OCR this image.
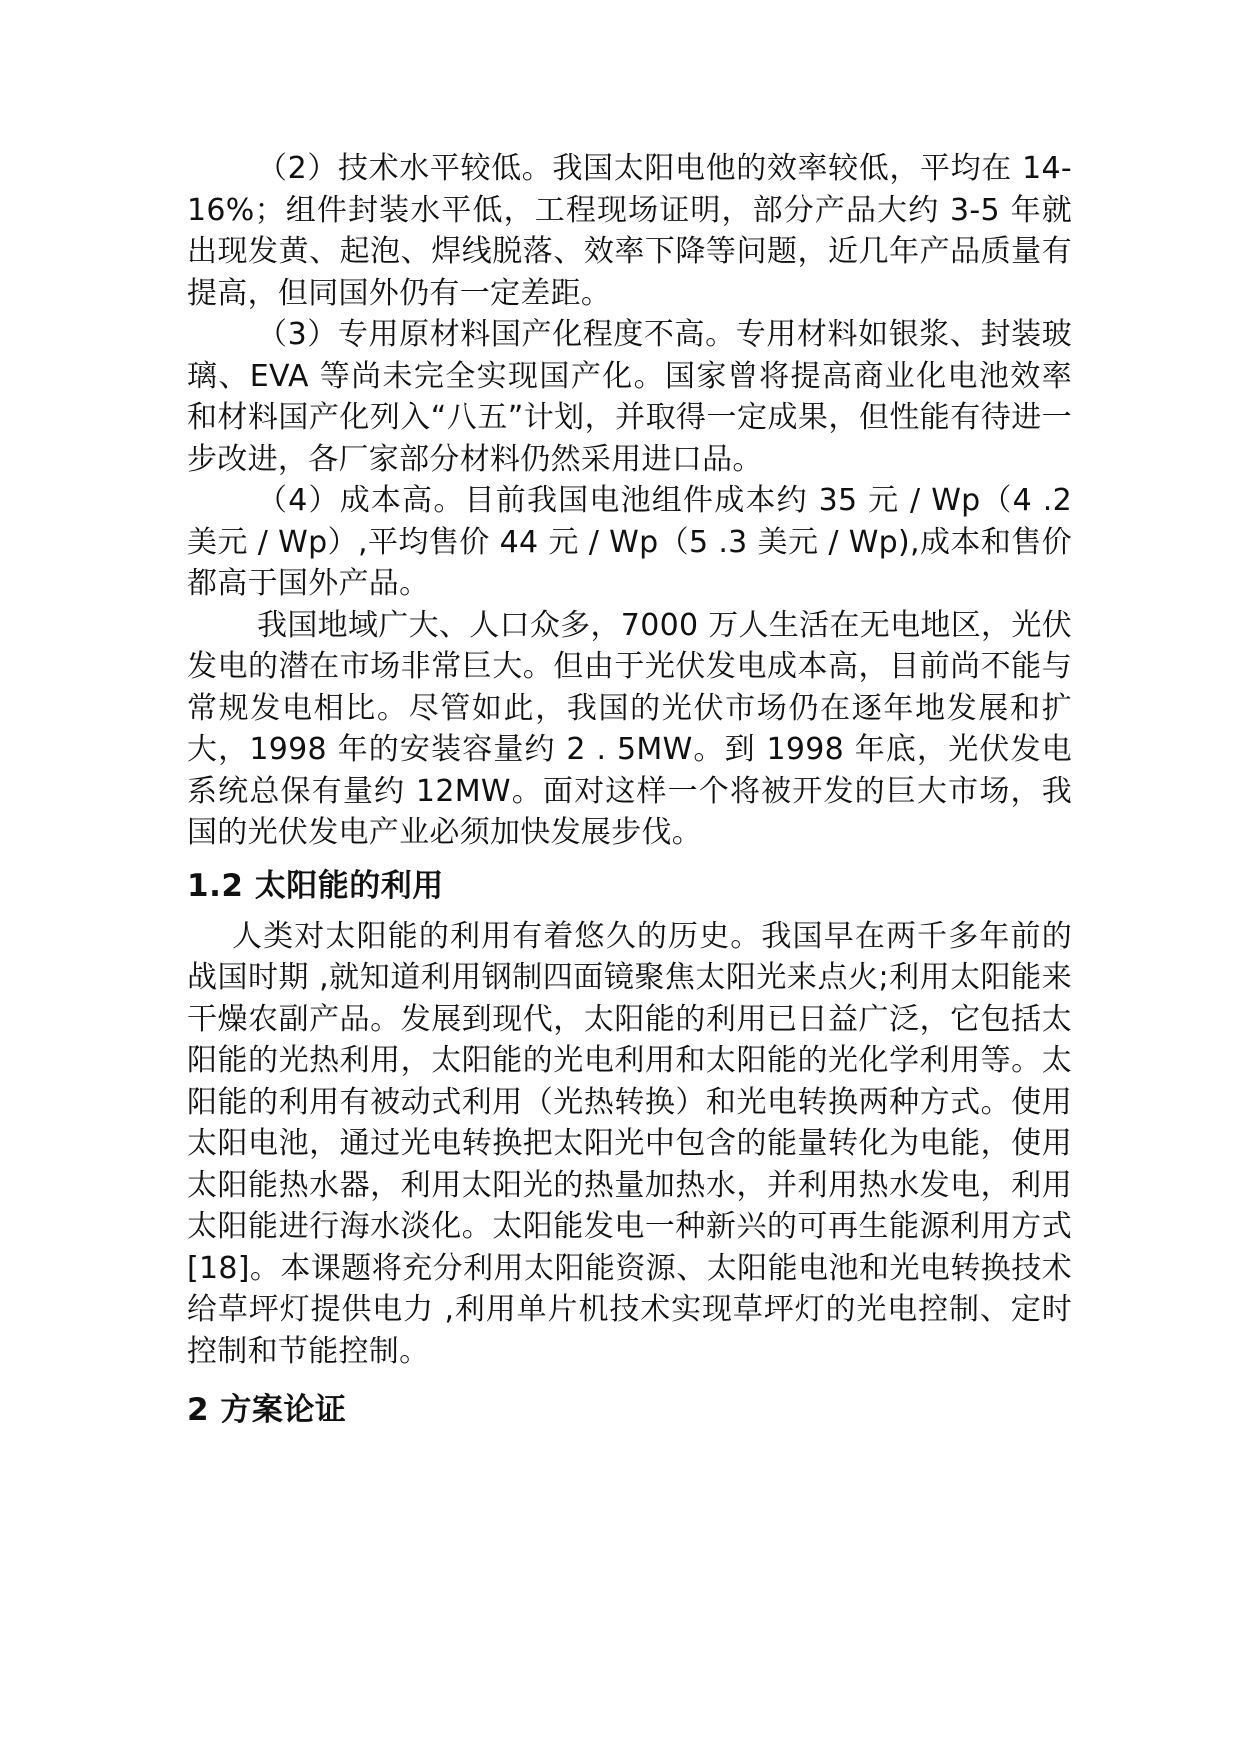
（2）技术水平较低。我国太阳电他的效率较低，平均在 14-16%；组件封装水平低，工程现场证明，部分产品大约 3-5 年就出现发黄、起泡、焊线脱落、效率下降等问题，近几年产品质量有提高，但同国外仍有一定差距。

（3）专用原材料国产化程度不高。专用材料如银浆、封装玻璃、EVA 等尚未完全实现国产化。国家曾将提高商业化电池效率和材料国产化列入“八五”计划，并取得一定成果，但性能有待进一步改进，各厂家部分材料仍然采用进口品。

（4）成本高。目前我国电池组件成本约 35 元 / Wp（4 .2 美元 / Wp）,平均售价 44 元 / Wp（5 .3 美元 / Wp),成本和售价都高于国外产品。

我国地域广大、人口众多，7000 万人生活在无电地区，光伏发电的潜在市场非常巨大。但由于光伏发电成本高，目前尚不能与常规发电相比。尽管如此，我国的光伏市场仍在逐年地发展和扩大，1998 年的安装容量约 2 . 5MW。到 1998 年底，光伏发电系统总保有量约 12MW。面对这样一个将被开发的巨大市场，我国的光伏发电产业必须加快发展步伐。

1.2 太阳能的利用

人类对太阳能的利用有着悠久的历史。我国早在两千多年前的战国时期 ,就知道利用钢制四面镜聚焦太阳光来点火;利用太阳能来干燥农副产品。发展到现代，太阳能的利用已日益广泛，它包括太阳能的光热利用，太阳能的光电利用和太阳能的光化学利用等。太阳能的利用有被动式利用（光热转换）和光电转换两种方式。使用太阳电池，通过光电转换把太阳光中包含的能量转化为电能，使用太阳能热水器，利用太阳光的热量加热水，并利用热水发电，利用太阳能进行海水淡化。太阳能发电一种新兴的可再生能源利用方式[18]。本课题将充分利用太阳能资源、太阳能电池和光电转换技术给草坪灯提供电力 ,利用单片机技术实现草坪灯的光电控制、定时控制和节能控制。

2 方案论证
